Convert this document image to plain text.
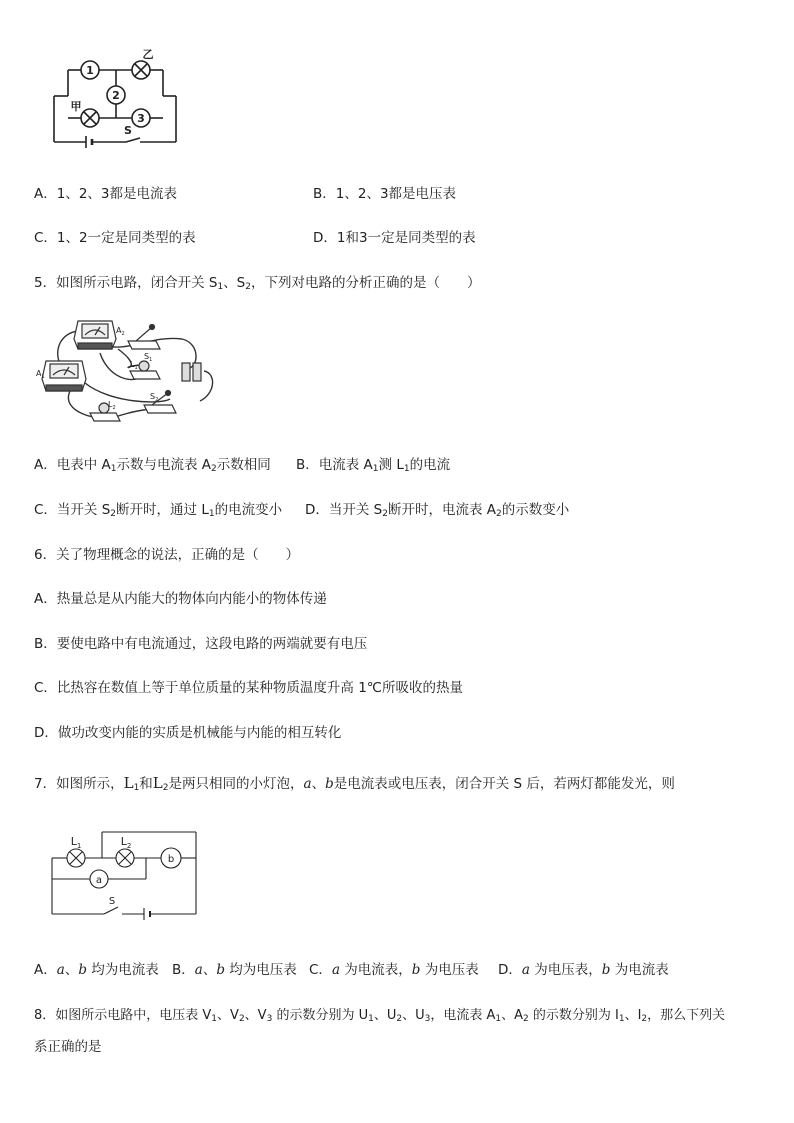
1
2
3
乙
甲
S
A．1、2、3都是电流表	B．1、2、3都是电压表
C．1、2一定是同类型的表	D．1和3一定是同类型的表
5．如图所示电路，闭合开关 $S_1$、$S_2$，下列对电路的分析正确的是（　　）
$A_2$
$A_1$
$S_1$
$L_1$
$S_2$
$L_2$
A．电表中 $A_1$示数与电流表 $A_2$示数相同 B．电流表 $A_1$测 $L_1$的电流
C．当开关 $S_2$断开时，通过 $L_1$的电流变小 D．当开关 $S_2$断开时，电流表 $A_2$的示数变小
6．关了物理概念的说法，正确的是（　　）
A．热量总是从内能大的物体向内能小的物体传递
B．要使电路中有电流通过，这段电路的两端就要有电压
C．比热容在数值上等于单位质量的某种物质温度升高 1℃所吸收的热量
D．做功改变内能的实质是机械能与内能的相互转化
7．如图所示，$L_1$和$L_2$是两只相同的小灯泡，a、b是电流表或电压表，闭合开关 S 后，若两灯都能发光，则
$L_1$	$L_2$
b
a
S
A．a、b 均为电流表 B．a、b 均为电压表 C．a 为电流表，b 为电压表 D．a 为电压表，b 为电流表
8．如图所示电路中，电压表 $V_1$、$V_2$、$V_3$ 的示数分别为 $U_1$、$U_2$、$U_3$，电流表 $A_1$、$A_2$ 的示数分别为 $I_1$、$I_2$，那么下列关
系正确的是
